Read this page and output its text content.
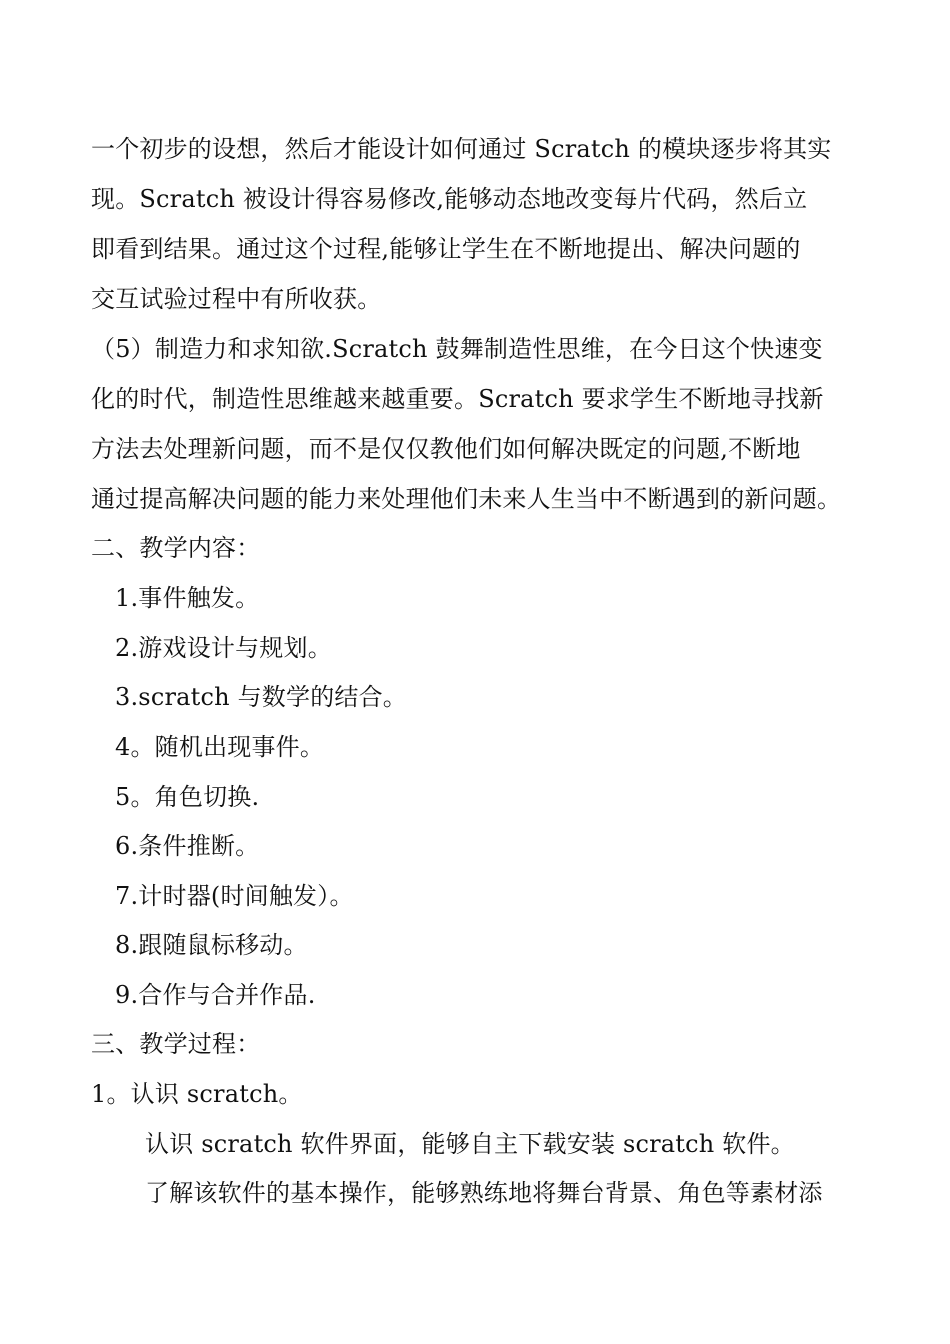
一个初步的设想，然后才能设计如何通过 Scratch 的模块逐步将其实
现。Scratch 被设计得容易修改,能够动态地改变每片代码，然后立
即看到结果。通过这个过程,能够让学生在不断地提出、解决问题的
交互试验过程中有所收获。
（5）制造力和求知欲.Scratch 鼓舞制造性思维，在今日这个快速变
化的时代，制造性思维越来越重要。Scratch 要求学生不断地寻找新
方法去处理新问题，而不是仅仅教他们如何解决既定的问题,不断地
通过提高解决问题的能力来处理他们未来人生当中不断遇到的新问题。
二、教学内容：
1.事件触发。
2.游戏设计与规划。
3.scratch 与数学的结合。
4。随机出现事件。
5。角色切换.
6.条件推断。
7.计时器(时间触发）。
8.跟随鼠标移动。
9.合作与合并作品.
三、教学过程：
1。认识 scratch。
认识 scratch 软件界面，能够自主下载安装 scratch 软件。
了解该软件的基本操作，能够熟练地将舞台背景、角色等素材添
